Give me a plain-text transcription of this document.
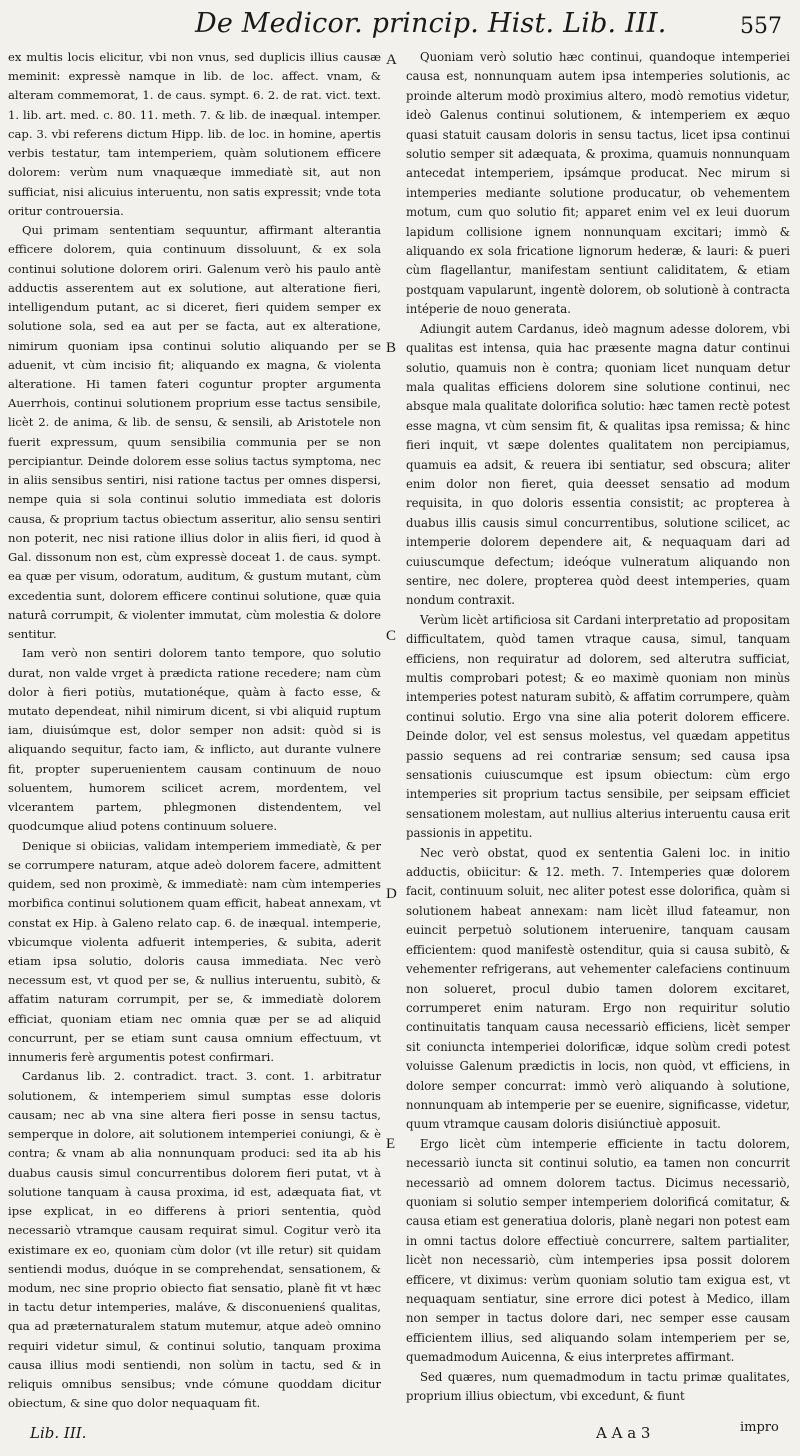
De Medicor. princip. Hist. Lib. III.	557

ex multis locis elicitur, vbi non vnus, sed duplicis illius causæ meminit: expressè namque in lib. de loc. affect. vnam, & alteram commemorat, 1. de caus. sympt. 6. 2. de rat. vict. text. 1. lib. art. med. c. 80. 11. meth. 7. & lib. de inæqual. intemper. cap. 3. vbi referens dictum Hipp. lib. de loc. in homine, apertis verbis testatur, tam intemperiem, quàm solutionem efficere dolorem: verùm num vnaquæque immediatè sit, aut non sufficiat, nisi alicuius interuentu, non satis expressit; vnde tota oritur controuersia.

Qui primam sententiam sequuntur, affirmant alterantia efficere dolorem, quia continuum dissoluunt, & ex sola continui solutione dolorem oriri. Galenum verò his paulo antè adductis asserentem aut ex solutione, aut alteratione fieri, intelligendum putant, ac si diceret, fieri quidem semper ex solutione sola, sed ea aut per se facta, aut ex alteratione, nimirum quoniam ipsa continui solutio aliquando per se aduenit, vt cùm incisio fit; aliquando ex magna, & violenta alteratione. Hi tamen fateri coguntur propter argumenta Auerrhois, continui solutionem proprium esse tactus sensibile, licèt 2. de anima, & lib. de sensu, & sensili, ab Aristotele non fuerit expressum, quum sensibilia communia per se non percipiantur. Deinde dolorem esse solius tactus symptoma, nec in aliis sensibus sentiri, nisi ratione tactus per omnes dispersi, nempe quia si sola continui solutio immediata est doloris causa, & proprium tactus obiectum asseritur, alio sensu sentiri non poterit, nec nisi ratione illius dolor in aliis fieri, id quod à Gal. dissonum non est, cùm expressè doceat 1. de caus. sympt. ea quæ per visum, odoratum, auditum, & gustum mutant, cùm excedentia sunt, dolorem efficere continui solutione, quæ quia naturâ corrumpit, & violenter immutat, cùm molestia & dolore sentitur.

Iam verò non sentiri dolorem tanto tempore, quo solutio durat, non valde vrget à prædicta ratione recedere; nam cùm dolor à fieri potiùs, mutationéque, quàm à facto esse, & mutato dependeat, nihil nimirum dicent, si vbi aliquid ruptum iam, diuisúmque est, dolor semper non adsit: quòd si is aliquando sequitur, facto iam, & inflicto, aut durante vulnere fit, propter superuenientem causam continuum de nouo soluentem, humorem scilicet acrem, mordentem, vel vlcerantem partem, phlegmonen distendentem, vel quodcumque aliud potens continuum soluere.

Denique si obiicias, validam intemperiem immediatè, & per se corrumpere naturam, atque adeò dolorem facere, admittent quidem, sed non proximè, & immediatè: nam cùm intemperies morbifica continui solutionem quam efficit, habeat annexam, vt constat ex Hip. à Galeno relato cap. 6. de inæqual. intemperie, vbicumque violenta adfuerit intemperies, & subita, aderit etiam ipsa solutio, doloris causa immediata. Nec verò necessum est, vt quod per se, & nullius interuentu, subitò, & affatim naturam corrumpit, per se, & immediatè dolorem efficiat, quoniam etiam nec omnia quæ per se ad aliquid concurrunt, per se etiam sunt causa omnium effectuum, vt innumeris ferè argumentis potest confirmari.

Cardanus lib. 2. contradict. tract. 3. cont. 1. arbitratur solutionem, & intemperiem simul sumptas esse doloris causam; nec ab vna sine altera fieri posse in sensu tactus, semperque in dolore, ait solutionem intemperiei coniungi, & è contra; & vnam ab alia nonnunquam produci: sed ita ab his duabus causis simul concurrentibus dolorem fieri putat, vt à solutione tanquam à causa proxima, id est, adæquata fiat, vt ipse explicat, in eo differens à priori sententia, quòd necessariò vtramque causam requirat simul. Cogitur verò ita existimare ex eo, quoniam cùm dolor (vt ille retur) sit quidam sentiendi modus, duóque in se comprehendat, sensationem, & modum, nec sine proprio obiecto fiat sensatio, planè fit vt hæc in tactu detur intemperies, maláve, & disconuenienś qualitas, qua ad præternaturalem statum mutemur, atque adeò omnino requiri videtur simul, & continui solutio, tanquam proxima causa illius modi sentiendi, non solùm in tactu, sed & in reliquis omnibus sensibus; vnde cómune quoddam dicitur obiectum, & sine quo dolor nequaquam fit.

A
B
C
D
E

Quoniam verò solutio hæc continui, quandoque intemperiei causa est, nonnunquam autem ipsa intemperies solutionis, ac proinde alterum modò proximius altero, modò remotius videtur, ideò Galenus continui solutionem, & intemperiem ex æquo quasi statuit causam doloris in sensu tactus, licet ipsa continui solutio semper sit adæquata, & proxima, quamuis nonnunquam antecedat intemperiem, ipsámque producat. Nec mirum si intemperies mediante solutione producatur, ob vehementem motum, cum quo solutio fit; apparet enim vel ex leui duorum lapidum collisione ignem nonnunquam excitari; immò & aliquando ex sola fricatione lignorum hederæ, & lauri: & pueri cùm flagellantur, manifestam sentiunt caliditatem, & etiam postquam vapularunt, ingentè dolorem, ob solutionè à contracta intéperie de nouo generata.

Adiungit autem Cardanus, ideò magnum adesse dolorem, vbi qualitas est intensa, quia hac præsente magna datur continui solutio, quamuis non è contra; quoniam licet nunquam detur mala qualitas efficiens dolorem sine solutione continui, nec absque mala qualitate dolorifica solutio: hæc tamen rectè potest esse magna, vt cùm sensim fit, & qualitas ipsa remissa; & hinc fieri inquit, vt sæpe dolentes qualitatem non percipiamus, quamuis ea adsit, & reuera ibi sentiatur, sed obscura; aliter enim dolor non fieret, quia deesset sensatio ad modum requisita, in quo doloris essentia consistit; ac propterea à duabus illis causis simul concurrentibus, solutione scilicet, ac intemperie dolorem dependere ait, & nequaquam dari ad cuiuscumque defectum; ideóque vulneratum aliquando non sentire, nec dolere, propterea quòd deest intemperies, quam nondum contraxit.

Verùm licèt artificiosa sit Cardani interpretatio ad propositam difficultatem, quòd tamen vtraque causa, simul, tanquam efficiens, non requiratur ad dolorem, sed alterutra sufficiat, multis comprobari potest; & eo maximè quoniam non minùs intemperies potest naturam subitò, & affatim corrumpere, quàm continui solutio. Ergo vna sine alia poterit dolorem efficere. Deinde dolor, vel est sensus molestus, vel quædam appetitus passio sequens ad rei contrariæ sensum; sed causa ipsa sensationis cuiuscumque est ipsum obiectum: cùm ergo intemperies sit proprium tactus sensibile, per seipsam efficiet sensationem molestam, aut nullius alterius interuentu causa erit passionis in appetitu.

Nec verò obstat, quod ex sententia Galeni loc. in initio adductis, obiicitur: & 12. meth. 7. Intemperies quæ dolorem facit, continuum soluit, nec aliter potest esse dolorifica, quàm si solutionem habeat annexam: nam licèt illud fateamur, non euincit perpetuò solutionem interuenire, tanquam causam efficientem: quod manifestè ostenditur, quia si causa subitò, & vehementer refrigerans, aut vehementer calefaciens continuum non solueret, procul dubio tamen dolorem excitaret, corrumperet enim naturam. Ergo non requiritur solutio continuitatis tanquam causa necessariò efficiens, licèt semper sit coniuncta intemperiei dolorificæ, idque solùm credi potest voluisse Galenum prædictis in locis, non quòd, vt efficiens, in dolore semper concurrat: immò verò aliquando à solutione, nonnunquam ab intemperie per se euenire, significasse, videtur, quum vtramque causam doloris disiúnctiuè apposuit.

Ergo licèt cùm intemperie efficiente in tactu dolorem, necessariò iuncta sit continui solutio, ea tamen non concurrit necessariò ad omnem dolorem tactus. Dicimus necessariò, quoniam si solutio semper intemperiem dolorificá comitatur, & causa etiam est generatiua doloris, planè negari non potest eam in omni tactus dolore effectiuè concurrere, saltem partialiter, licèt non necessariò, cùm intemperies ipsa possit dolorem efficere, vt diximus: verùm quoniam solutio tam exigua est, vt nequaquam sentiatur, sine errore dici potest à Medico, illam non semper in tactus dolore dari, nec semper esse causam efficientem illius, sed aliquando solam intemperiem per se, quemadmodum Auicenna, & eius interpretes affirmant.

Sed quæres, num quemadmodum in tactu primæ qualitates, proprium illius obiectum, vbi excedunt, & fiunt

Lib. III.	A A a 3	impro
